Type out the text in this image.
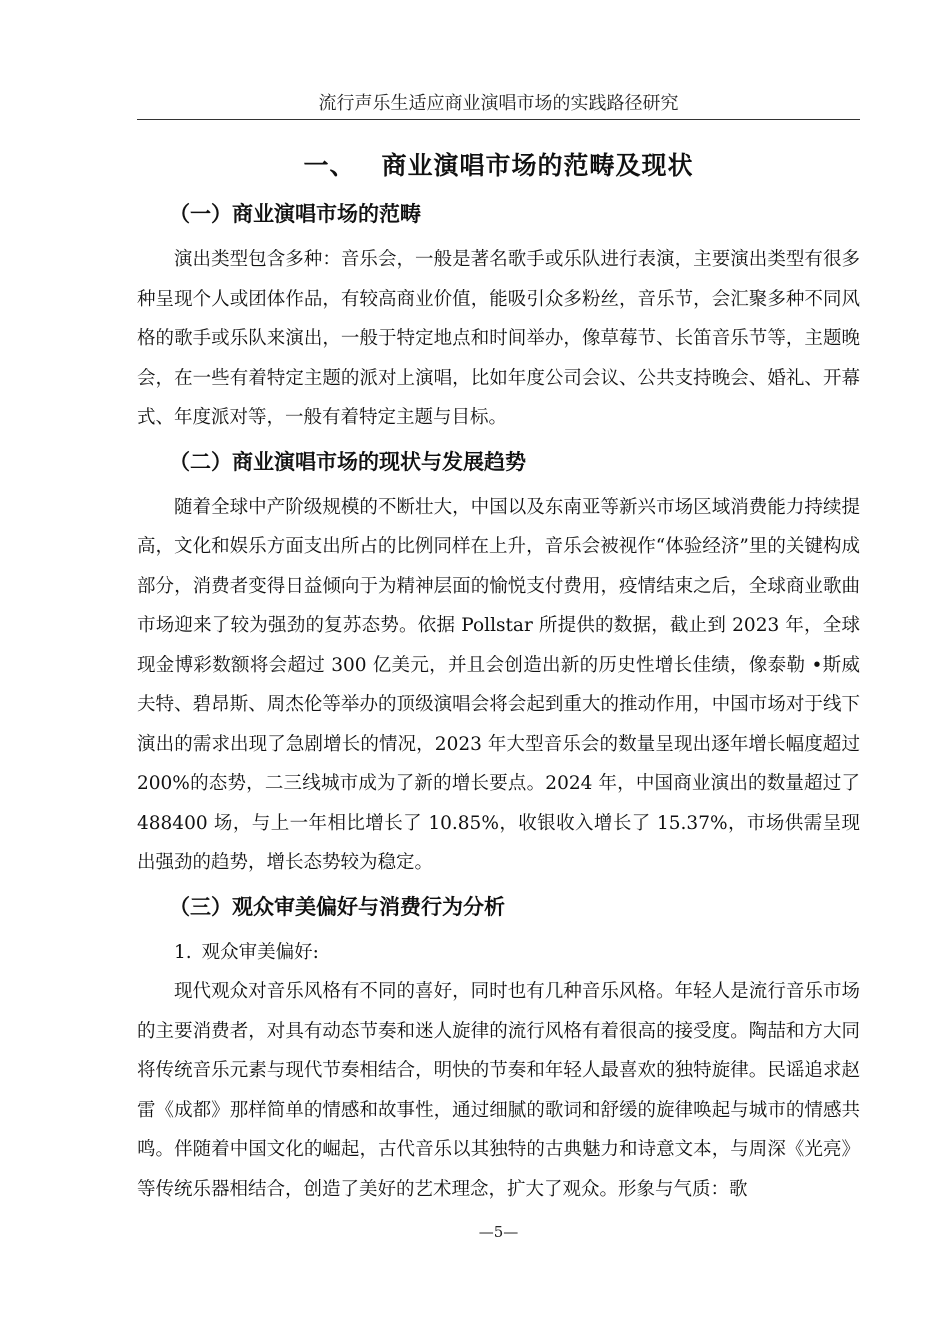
流行声乐生适应商业演唱市场的实践路径研究
一、 商业演唱市场的范畴及现状
（一）商业演唱市场的范畴

演出类型包含多种：音乐会，一般是著名歌手或乐队进行表演，主要演出类型有很多种呈现个人或团体作品，有较高商业价值，能吸引众多粉丝，音乐节，会汇聚多种不同风格的歌手或乐队来演出，一般于特定地点和时间举办，像草莓节、长笛音乐节等，主题晚会，在一些有着特定主题的派对上演唱，比如年度公司会议、公共支持晚会、婚礼、开幕式、年度派对等，一般有着特定主题与目标。

（二）商业演唱市场的现状与发展趋势

随着全球中产阶级规模的不断壮大，中国以及东南亚等新兴市场区域消费能力持续提高，文化和娱乐方面支出所占的比例同样在上升，音乐会被视作“体验经济”里的关键构成部分，消费者变得日益倾向于为精神层面的愉悦支付费用，疫情结束之后，全球商业歌曲市场迎来了较为强劲的复苏态势。依据 Pollstar 所提供的数据，截止到 2023 年，全球现金博彩数额将会超过 300 亿美元，并且会创造出新的历史性增长佳绩，像泰勒 •斯威夫特、碧昂斯、周杰伦等举办的顶级演唱会将会起到重大的推动作用，中国市场对于线下演出的需求出现了急剧增长的情况，2023 年大型音乐会的数量呈现出逐年增长幅度超过 200%的态势，二三线城市成为了新的增长要点。2024 年，中国商业演出的数量超过了 488400 场，与上一年相比增长了 10.85%，收银收入增长了 15.37%，市场供需呈现出强劲的趋势，增长态势较为稳定。

（三）观众审美偏好与消费行为分析

1. 观众审美偏好:

现代观众对音乐风格有不同的喜好，同时也有几种音乐风格。年轻人是流行音乐市场的主要消费者，对具有动态节奏和迷人旋律的流行风格有着很高的接受度。陶喆和方大同将传统音乐元素与现代节奏相结合，明快的节奏和年轻人最喜欢的独特旋律。民谣追求赵雷《成都》那样简单的情感和故事性，通过细腻的歌词和舒缓的旋律唤起与城市的情感共鸣。伴随着中国文化的崛起，古代音乐以其独特的古典魅力和诗意文本，与周深《光亮》等传统乐器相结合，创造了美好的艺术理念，扩大了观众。形象与气质：歌

—5—
